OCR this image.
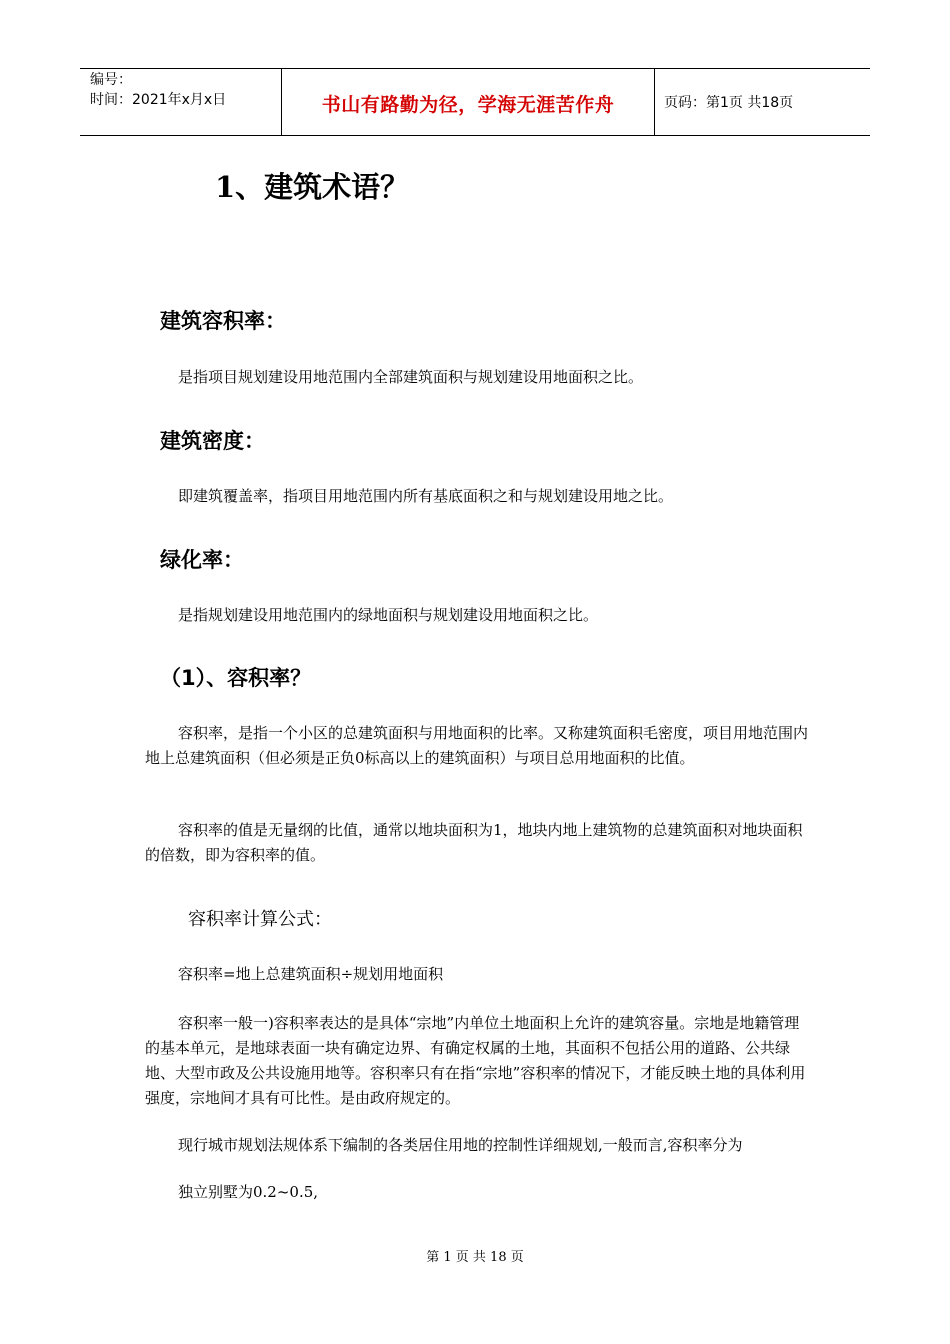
编号：
时间：2021年x月x日	书山有路勤为径，学海无涯苦作舟	页码：第1页 共18页
1、建筑术语？
建筑容积率：
是指项目规划建设用地范围内全部建筑面积与规划建设用地面积之比。
建筑密度：
即建筑覆盖率，指项目用地范围内所有基底面积之和与规划建设用地之比。
绿化率：
是指规划建设用地范围内的绿地面积与规划建设用地面积之比。
（1）、容积率？
容积率，是指一个小区的总建筑面积与用地面积的比率。又称建筑面积毛密度，项目用地范围内地上总建筑面积（但必须是正负0标高以上的建筑面积）与项目总用地面积的比值。
容积率的值是无量纲的比值，通常以地块面积为1，地块内地上建筑物的总建筑面积对地块面积的倍数，即为容积率的值。
容积率计算公式：
容积率=地上总建筑面积÷规划用地面积
容积率一般一)容积率表达的是具体“宗地”内单位土地面积上允许的建筑容量。宗地是地籍管理的基本单元，是地球表面一块有确定边界、有确定权属的土地，其面积不包括公用的道路、公共绿地、大型市政及公共设施用地等。容积率只有在指“宗地”容积率的情况下，才能反映土地的具体利用强度，宗地间才具有可比性。是由政府规定的。
现行城市规划法规体系下编制的各类居住用地的控制性详细规划,一般而言,容积率分为
独立别墅为0.2~0.5,
第 1 页 共 18 页
